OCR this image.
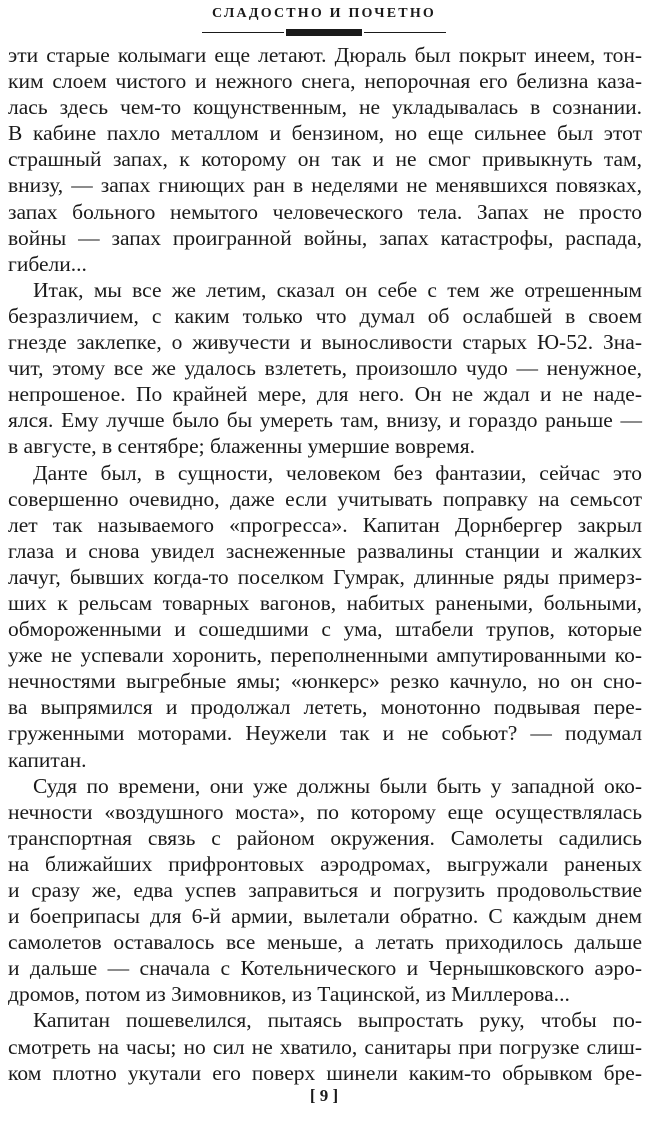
СЛАДОСТНО И ПОЧЕТНО
эти старые колымаги еще летают. Дюраль был покрыт инеем, тон-
ким слоем чистого и нежного снега, непорочная его белизна каза-
лась здесь чем-то кощунственным, не укладывалась в сознании.
В кабине пахло металлом и бензином, но еще сильнее был этот
страшный запах, к которому он так и не смог привыкнуть там,
внизу, — запах гниющих ран в неделями не менявшихся повязках,
запах больного немытого человеческого тела. Запах не просто
войны — запах проигранной войны, запах катастрофы, распада,
гибели...
Итак, мы все же летим, сказал он себе с тем же отрешенным
безразличием, с каким только что думал об ослабшей в своем
гнезде заклепке, о живучести и выносливости старых Ю-52. Зна-
чит, этому все же удалось взлететь, произошло чудо — ненужное,
непрошеное. По крайней мере, для него. Он не ждал и не наде-
ялся. Ему лучше было бы умереть там, внизу, и гораздо раньше —
в августе, в сентябре; блаженны умершие вовремя.
Данте был, в сущности, человеком без фантазии, сейчас это
совершенно очевидно, даже если учитывать поправку на семьсот
лет так называемого «прогресса». Капитан Дорнбергер закрыл
глаза и снова увидел заснеженные развалины станции и жалких
лачуг, бывших когда-то поселком Гумрак, длинные ряды примерз-
ших к рельсам товарных вагонов, набитых ранеными, больными,
обмороженными и сошедшими с ума, штабели трупов, которые
уже не успевали хоронить, переполненными ампутированными ко-
нечностями выгребные ямы; «юнкерс» резко качнуло, но он сно-
ва выпрямился и продолжал лететь, монотонно подвывая пере-
груженными моторами. Неужели так и не собьют? — подумал
капитан.
Судя по времени, они уже должны были быть у западной око-
нечности «воздушного моста», по которому еще осуществлялась
транспортная связь с районом окружения. Самолеты садились
на ближайших прифронтовых аэродромах, выгружали раненых
и сразу же, едва успев заправиться и погрузить продовольствие
и боеприпасы для 6-й армии, вылетали обратно. С каждым днем
самолетов оставалось все меньше, а летать приходилось дальше
и дальше — сначала с Котельнического и Чернышковского аэро-
дромов, потом из Зимовников, из Тацинской, из Миллерова...
Капитан пошевелился, пытаясь выпростать руку, чтобы по-
смотреть на часы; но сил не хватило, санитары при погрузке слиш-
ком плотно укутали его поверх шинели каким-то обрывком бре-
[ 9 ]
